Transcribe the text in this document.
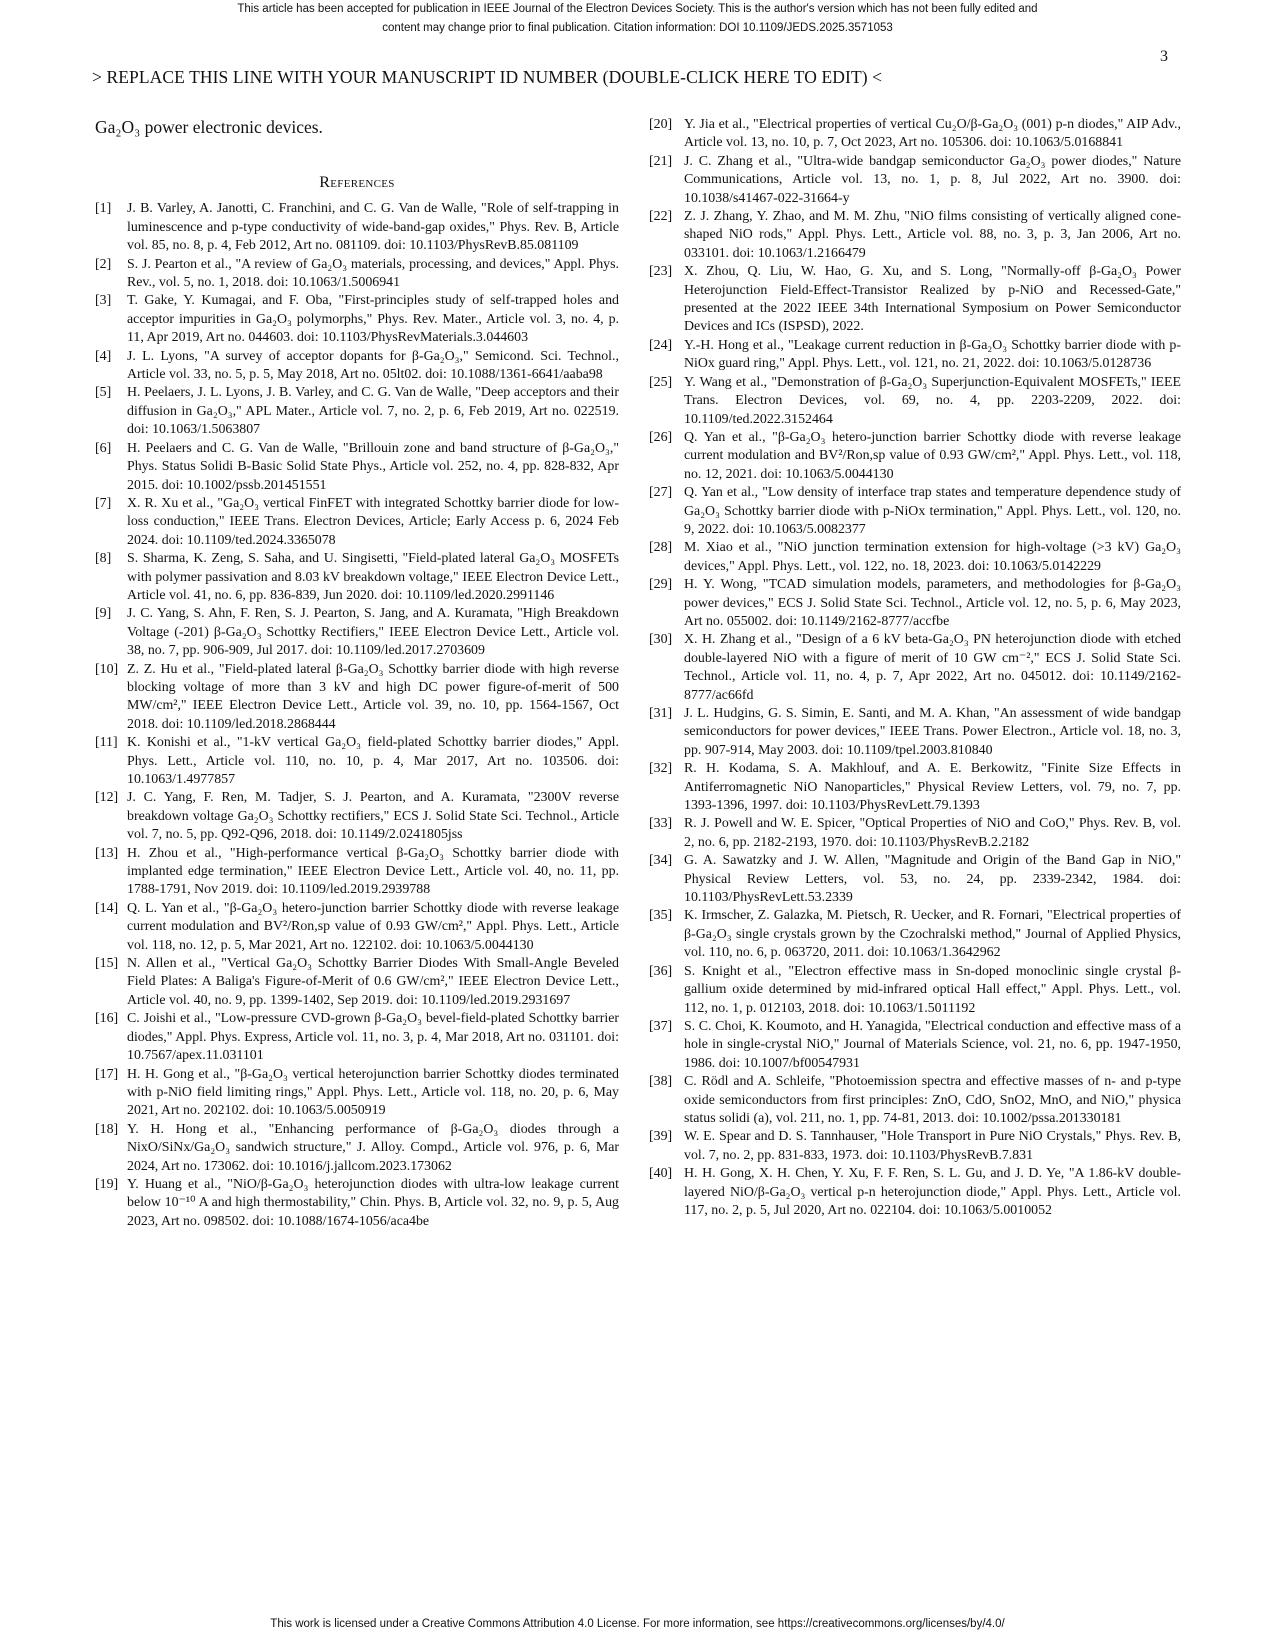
This article has been accepted for publication in IEEE Journal of the Electron Devices Society. This is the author's version which has not been fully edited and
content may change prior to final publication. Citation information: DOI 10.1109/JEDS.2025.3571053
3
> REPLACE THIS LINE WITH YOUR MANUSCRIPT ID NUMBER (DOUBLE-CLICK HERE TO EDIT) <

Ga₂O₃ power electronic devices.

References
[1] J. B. Varley, A. Janotti, C. Franchini, and C. G. Van de Walle, "Role of self-trapping in luminescence and p-type conductivity of wide-band-gap oxides," Phys. Rev. B, Article vol. 85, no. 8, p. 4, Feb 2012, Art no. 081109. doi: 10.1103/PhysRevB.85.081109
[2] S. J. Pearton et al., "A review of Ga₂O₃ materials, processing, and devices," Appl. Phys. Rev., vol. 5, no. 1, 2018. doi: 10.1063/1.5006941
[3] T. Gake, Y. Kumagai, and F. Oba, "First-principles study of self-trapped holes and acceptor impurities in Ga₂O₃ polymorphs," Phys. Rev. Mater., Article vol. 3, no. 4, p. 11, Apr 2019, Art no. 044603. doi: 10.1103/PhysRevMaterials.3.044603
[4] J. L. Lyons, "A survey of acceptor dopants for β-Ga₂O₃," Semicond. Sci. Technol., Article vol. 33, no. 5, p. 5, May 2018, Art no. 05lt02. doi: 10.1088/1361-6641/aaba98
[5] H. Peelaers, J. L. Lyons, J. B. Varley, and C. G. Van de Walle, "Deep acceptors and their diffusion in Ga₂O₃," APL Mater., Article vol. 7, no. 2, p. 6, Feb 2019, Art no. 022519. doi: 10.1063/1.5063807
[6] H. Peelaers and C. G. Van de Walle, "Brillouin zone and band structure of β-Ga₂O₃," Phys. Status Solidi B-Basic Solid State Phys., Article vol. 252, no. 4, pp. 828-832, Apr 2015. doi: 10.1002/pssb.201451551
[7] X. R. Xu et al., "Ga₂O₃ vertical FinFET with integrated Schottky barrier diode for low-loss conduction," IEEE Trans. Electron Devices, Article; Early Access p. 6, 2024 Feb 2024. doi: 10.1109/ted.2024.3365078
[8] S. Sharma, K. Zeng, S. Saha, and U. Singisetti, "Field-plated lateral Ga₂O₃ MOSFETs with polymer passivation and 8.03 kV breakdown voltage," IEEE Electron Device Lett., Article vol. 41, no. 6, pp. 836-839, Jun 2020. doi: 10.1109/led.2020.2991146
[9] J. C. Yang, S. Ahn, F. Ren, S. J. Pearton, S. Jang, and A. Kuramata, "High Breakdown Voltage (-201) β-Ga₂O₃ Schottky Rectifiers," IEEE Electron Device Lett., Article vol. 38, no. 7, pp. 906-909, Jul 2017. doi: 10.1109/led.2017.2703609
[10] Z. Z. Hu et al., "Field-plated lateral β-Ga₂O₃ Schottky barrier diode with high reverse blocking voltage of more than 3 kV and high DC power figure-of-merit of 500 MW/cm²," IEEE Electron Device Lett., Article vol. 39, no. 10, pp. 1564-1567, Oct 2018. doi: 10.1109/led.2018.2868444
[11] K. Konishi et al., "1-kV vertical Ga₂O₃ field-plated Schottky barrier diodes," Appl. Phys. Lett., Article vol. 110, no. 10, p. 4, Mar 2017, Art no. 103506. doi: 10.1063/1.4977857
[12] J. C. Yang, F. Ren, M. Tadjer, S. J. Pearton, and A. Kuramata, "2300V reverse breakdown voltage Ga₂O₃ Schottky rectifiers," ECS J. Solid State Sci. Technol., Article vol. 7, no. 5, pp. Q92-Q96, 2018. doi: 10.1149/2.0241805jss
[13] H. Zhou et al., "High-performance vertical β-Ga₂O₃ Schottky barrier diode with implanted edge termination," IEEE Electron Device Lett., Article vol. 40, no. 11, pp. 1788-1791, Nov 2019. doi: 10.1109/led.2019.2939788
[14] Q. L. Yan et al., "β-Ga₂O₃ hetero-junction barrier Schottky diode with reverse leakage current modulation and BV²/Ron,sp value of 0.93 GW/cm²," Appl. Phys. Lett., Article vol. 118, no. 12, p. 5, Mar 2021, Art no. 122102. doi: 10.1063/5.0044130
[15] N. Allen et al., "Vertical Ga₂O₃ Schottky Barrier Diodes With Small-Angle Beveled Field Plates: A Baliga's Figure-of-Merit of 0.6 GW/cm²," IEEE Electron Device Lett., Article vol. 40, no. 9, pp. 1399-1402, Sep 2019. doi: 10.1109/led.2019.2931697
[16] C. Joishi et al., "Low-pressure CVD-grown β-Ga₂O₃ bevel-field-plated Schottky barrier diodes," Appl. Phys. Express, Article vol. 11, no. 3, p. 4, Mar 2018, Art no. 031101. doi: 10.7567/apex.11.031101
[17] H. H. Gong et al., "β-Ga₂O₃ vertical heterojunction barrier Schottky diodes terminated with p-NiO field limiting rings," Appl. Phys. Lett., Article vol. 118, no. 20, p. 6, May 2021, Art no. 202102. doi: 10.1063/5.0050919
[18] Y. H. Hong et al., "Enhancing performance of β-Ga₂O₃ diodes through a NixO/SiNx/Ga₂O₃ sandwich structure," J. Alloy. Compd., Article vol. 976, p. 6, Mar 2024, Art no. 173062. doi: 10.1016/j.jallcom.2023.173062
[19] Y. Huang et al., "NiO/β-Ga₂O₃ heterojunction diodes with ultra-low leakage current below 10⁻¹⁰ A and high thermostability," Chin. Phys. B, Article vol. 32, no. 9, p. 5, Aug 2023, Art no. 098502. doi: 10.1088/1674-1056/aca4be
[20] Y. Jia et al., "Electrical properties of vertical Cu₂O/β-Ga₂O₃ (001) p-n diodes," AIP Adv., Article vol. 13, no. 10, p. 7, Oct 2023, Art no. 105306. doi: 10.1063/5.0168841
[21] J. C. Zhang et al., "Ultra-wide bandgap semiconductor Ga₂O₃ power diodes," Nature Communications, Article vol. 13, no. 1, p. 8, Jul 2022, Art no. 3900. doi: 10.1038/s41467-022-31664-y
[22] Z. J. Zhang, Y. Zhao, and M. M. Zhu, "NiO films consisting of vertically aligned cone-shaped NiO rods," Appl. Phys. Lett., Article vol. 88, no. 3, p. 3, Jan 2006, Art no. 033101. doi: 10.1063/1.2166479
[23] X. Zhou, Q. Liu, W. Hao, G. Xu, and S. Long, "Normally-off β-Ga₂O₃ Power Heterojunction Field-Effect-Transistor Realized by p-NiO and Recessed-Gate," presented at the 2022 IEEE 34th International Symposium on Power Semiconductor Devices and ICs (ISPSD), 2022.
[24] Y.-H. Hong et al., "Leakage current reduction in β-Ga₂O₃ Schottky barrier diode with p-NiOx guard ring," Appl. Phys. Lett., vol. 121, no. 21, 2022. doi: 10.1063/5.0128736
[25] Y. Wang et al., "Demonstration of β-Ga₂O₃ Superjunction-Equivalent MOSFETs," IEEE Trans. Electron Devices, vol. 69, no. 4, pp. 2203-2209, 2022. doi: 10.1109/ted.2022.3152464
[26] Q. Yan et al., "β-Ga₂O₃ hetero-junction barrier Schottky diode with reverse leakage current modulation and BV²/Ron,sp value of 0.93 GW/cm²," Appl. Phys. Lett., vol. 118, no. 12, 2021. doi: 10.1063/5.0044130
[27] Q. Yan et al., "Low density of interface trap states and temperature dependence study of Ga₂O₃ Schottky barrier diode with p-NiOx termination," Appl. Phys. Lett., vol. 120, no. 9, 2022. doi: 10.1063/5.0082377
[28] M. Xiao et al., "NiO junction termination extension for high-voltage (>3 kV) Ga₂O₃ devices," Appl. Phys. Lett., vol. 122, no. 18, 2023. doi: 10.1063/5.0142229
[29] H. Y. Wong, "TCAD simulation models, parameters, and methodologies for β-Ga₂O₃ power devices," ECS J. Solid State Sci. Technol., Article vol. 12, no. 5, p. 6, May 2023, Art no. 055002. doi: 10.1149/2162-8777/accfbe
[30] X. H. Zhang et al., "Design of a 6 kV beta-Ga₂O₃ PN heterojunction diode with etched double-layered NiO with a figure of merit of 10 GW cm⁻²," ECS J. Solid State Sci. Technol., Article vol. 11, no. 4, p. 7, Apr 2022, Art no. 045012. doi: 10.1149/2162-8777/ac66fd
[31] J. L. Hudgins, G. S. Simin, E. Santi, and M. A. Khan, "An assessment of wide bandgap semiconductors for power devices," IEEE Trans. Power Electron., Article vol. 18, no. 3, pp. 907-914, May 2003. doi: 10.1109/tpel.2003.810840
[32] R. H. Kodama, S. A. Makhlouf, and A. E. Berkowitz, "Finite Size Effects in Antiferromagnetic NiO Nanoparticles," Physical Review Letters, vol. 79, no. 7, pp. 1393-1396, 1997. doi: 10.1103/PhysRevLett.79.1393
[33] R. J. Powell and W. E. Spicer, "Optical Properties of NiO and CoO," Phys. Rev. B, vol. 2, no. 6, pp. 2182-2193, 1970. doi: 10.1103/PhysRevB.2.2182
[34] G. A. Sawatzky and J. W. Allen, "Magnitude and Origin of the Band Gap in NiO," Physical Review Letters, vol. 53, no. 24, pp. 2339-2342, 1984. doi: 10.1103/PhysRevLett.53.2339
[35] K. Irmscher, Z. Galazka, M. Pietsch, R. Uecker, and R. Fornari, "Electrical properties of β-Ga₂O₃ single crystals grown by the Czochralski method," Journal of Applied Physics, vol. 110, no. 6, p. 063720, 2011. doi: 10.1063/1.3642962
[36] S. Knight et al., "Electron effective mass in Sn-doped monoclinic single crystal β-gallium oxide determined by mid-infrared optical Hall effect," Appl. Phys. Lett., vol. 112, no. 1, p. 012103, 2018. doi: 10.1063/1.5011192
[37] S. C. Choi, K. Koumoto, and H. Yanagida, "Electrical conduction and effective mass of a hole in single-crystal NiO," Journal of Materials Science, vol. 21, no. 6, pp. 1947-1950, 1986. doi: 10.1007/bf00547931
[38] C. Rödl and A. Schleife, "Photoemission spectra and effective masses of n‐ and p‐type oxide semiconductors from first principles: ZnO, CdO, SnO2, MnO, and NiO," physica status solidi (a), vol. 211, no. 1, pp. 74-81, 2013. doi: 10.1002/pssa.201330181
[39] W. E. Spear and D. S. Tannhauser, "Hole Transport in Pure NiO Crystals," Phys. Rev. B, vol. 7, no. 2, pp. 831-833, 1973. doi: 10.1103/PhysRevB.7.831
[40] H. H. Gong, X. H. Chen, Y. Xu, F. F. Ren, S. L. Gu, and J. D. Ye, "A 1.86-kV double-layered NiO/β-Ga₂O₃ vertical p-n heterojunction diode," Appl. Phys. Lett., Article vol. 117, no. 2, p. 5, Jul 2020, Art no. 022104. doi: 10.1063/5.0010052
This work is licensed under a Creative Commons Attribution 4.0 License. For more information, see https://creativecommons.org/licenses/by/4.0/
